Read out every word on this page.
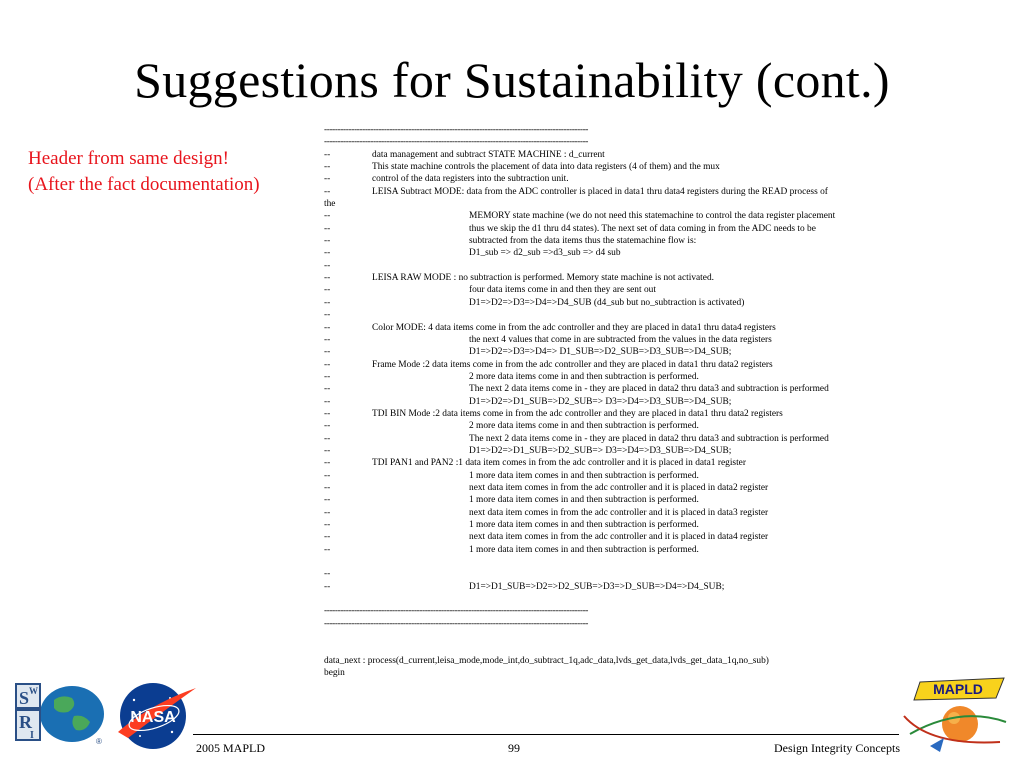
Suggestions for Sustainability (cont.)
Header from same design!
(After the fact documentation)
-------------------------------------------------------------------------------------------------
-------------------------------------------------------------------------------------------------
--	data management and subtract STATE MACHINE : d_current
--	This state machine controls the placement of data into data registers (4 of them) and the mux
--	control of the data registers into the subtraction unit.
--	LEISA Subtract MODE: data from the ADC controller is placed in data1 thru data4 registers during the READ process of
the
--	MEMORY state machine (we do not need this statemachine to control the data register placement
--	thus we skip the d1 thru d4 states). The next set of data coming in from the ADC needs to be
--	subtracted from the data items thus the statemachine flow is:
--	D1_sub => d2_sub =>d3_sub => d4 sub
--
--	LEISA RAW MODE : no subtraction is performed. Memory state machine is not activated.
--	four data items come in and then they are sent out
--	D1=>D2=>D3=>D4=>D4_SUB (d4_sub but no_subtraction is activated)
--
--	Color MODE: 4 data items come in from the adc controller and they are placed in data1 thru data4 registers
--	the next 4 values that come in are subtracted from the values in the data registers
--	D1=>D2=>D3=>D4=> D1_SUB=>D2_SUB=>D3_SUB=>D4_SUB;
--	Frame Mode :2 data items come in from the adc controller and they are placed in data1 thru data2 registers
--	2 more data items come in and then subtraction is performed.
--	The next 2 data items come in - they are placed in data2 thru data3 and subtraction is performed
--	D1=>D2=>D1_SUB=>D2_SUB=> D3=>D4=>D3_SUB=>D4_SUB;
--	TDI BIN Mode :2 data items come in from the adc controller and they are placed in data1 thru data2 registers
--	2 more data items come in and then subtraction is performed.
--	The next 2 data items come in - they are placed in data2 thru data3 and subtraction is performed
--	D1=>D2=>D1_SUB=>D2_SUB=> D3=>D4=>D3_SUB=>D4_SUB;
--	TDI PAN1 and PAN2 :1 data item comes in from the adc controller and it is placed in data1 register
--	1 more data item comes in and then subtraction is performed.
--	next data item comes in from the adc controller and it is placed in data2 register
--	1 more data item comes in and then subtraction is performed.
--	next data item comes in from the adc controller and it is placed in data3 register
--	1 more data item comes in and then subtraction is performed.
--	next data item comes in from the adc controller and it is placed in data4 register
--	1 more data item comes in and then subtraction is performed.
--
--	D1=>D1_SUB=>D2=>D2_SUB=>D3=>D_SUB=>D4=>D4_SUB;
-------------------------------------------------------------------------------------------------
-------------------------------------------------------------------------------------------------
data_next : process(d_current,leisa_mode,mode_int,do_subtract_1q,adc_data,lvds_get_data,lvds_get_data_1q,no_sub)
begin
S W
R
I
®
NASA
MAPLD
2005 MAPLD	99	Design Integrity Concepts
